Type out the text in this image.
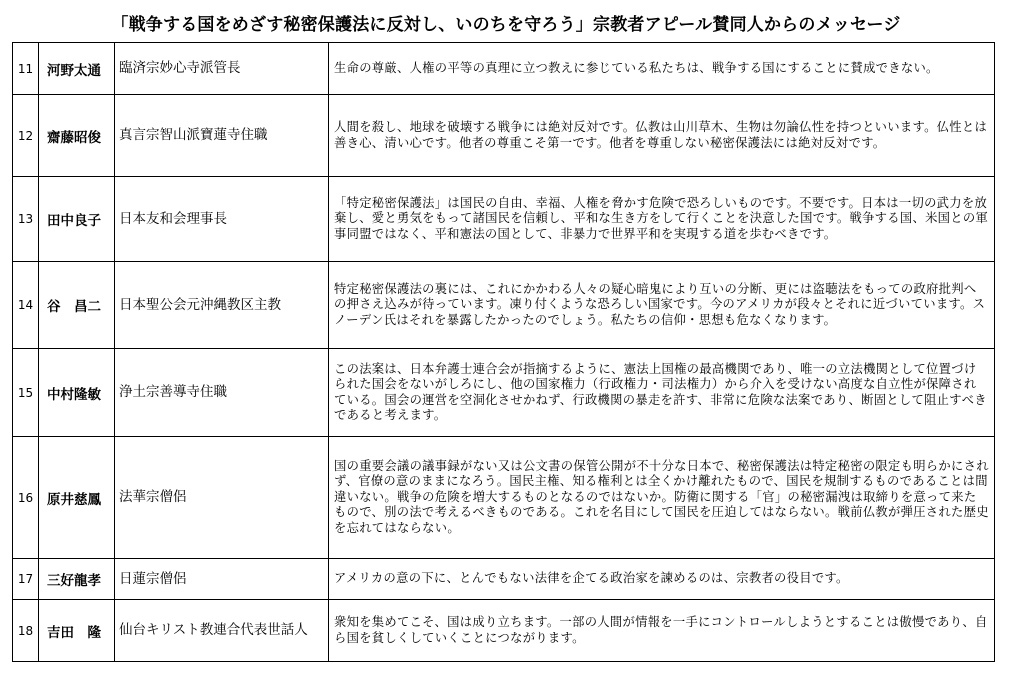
「戦争する国をめざす秘密保護法に反対し、いのちを守ろう」宗教者アピール賛同人からのメッセージ
11	河野太通	臨済宗妙心寺派管長	生命の尊厳、人権の平等の真理に立つ教えに参じている私たちは、戦争する国にすることに賛成できない。
12	齋藤昭俊	真言宗智山派寶蓮寺住職	人間を殺し、地球を破壊する戦争には絶対反対です。仏教は山川草木、生物は勿論仏性を持つといいます。仏性とは善き心、清い心です。他者の尊重こそ第一です。他者を尊重しない秘密保護法には絶対反対です。
13	田中良子	日本友和会理事長	「特定秘密保護法」は国民の自由、幸福、人権を脅かす危険で恐ろしいものです。不要です。日本は一切の武力を放棄し、愛と勇気をもって諸国民を信頼し、平和な生き方をして行くことを決意した国です。戦争する国、米国との軍事同盟ではなく、平和憲法の国として、非暴力で世界平和を実現する道を歩むべきです。
14	谷　昌二	日本聖公会元沖縄教区主教	特定秘密保護法の裏には、これにかかわる人々の疑心暗鬼により互いの分断、更には盗聴法をもっての政府批判への押さえ込みが待っています。凍り付くような恐ろしい国家です。今のアメリカが段々とそれに近づいています。スノーデン氏はそれを暴露したかったのでしょう。私たちの信仰・思想も危なくなります。
15	中村隆敏	浄土宗善導寺住職	この法案は、日本弁護士連合会が指摘するように、憲法上国権の最高機関であり、唯一の立法機関として位置づけられた国会をないがしろにし、他の国家権力（行政権力・司法権力）から介入を受けない高度な自立性が保障されている。国会の運営を空洞化させかねず、行政機関の暴走を許す、非常に危険な法案であり、断固として阻止すべきであると考えます。
16	原井慈鳳	法華宗僧侶	国の重要会議の議事録がない又は公文書の保管公開が不十分な日本で、秘密保護法は特定秘密の限定も明らかにされず、官僚の意のままになろう。国民主権、知る権利とは全くかけ離れたもので、国民を規制するものであることは間違いない。戦争の危険を増大するものとなるのではないか。防衛に関する「官」の秘密漏洩は取締りを意って来たもので、別の法で考えるべきものである。これを名目にして国民を圧迫してはならない。戦前仏教が弾圧された歴史を忘れてはならない。
17	三好龍孝	日蓮宗僧侶	アメリカの意の下に、とんでもない法律を企てる政治家を諫めるのは、宗教者の役目です。
18	吉田　隆	仙台キリスト教連合代表世話人	衆知を集めてこそ、国は成り立ちます。一部の人間が情報を一手にコントロールしようとすることは傲慢であり、自ら国を貧しくしていくことにつながります。
